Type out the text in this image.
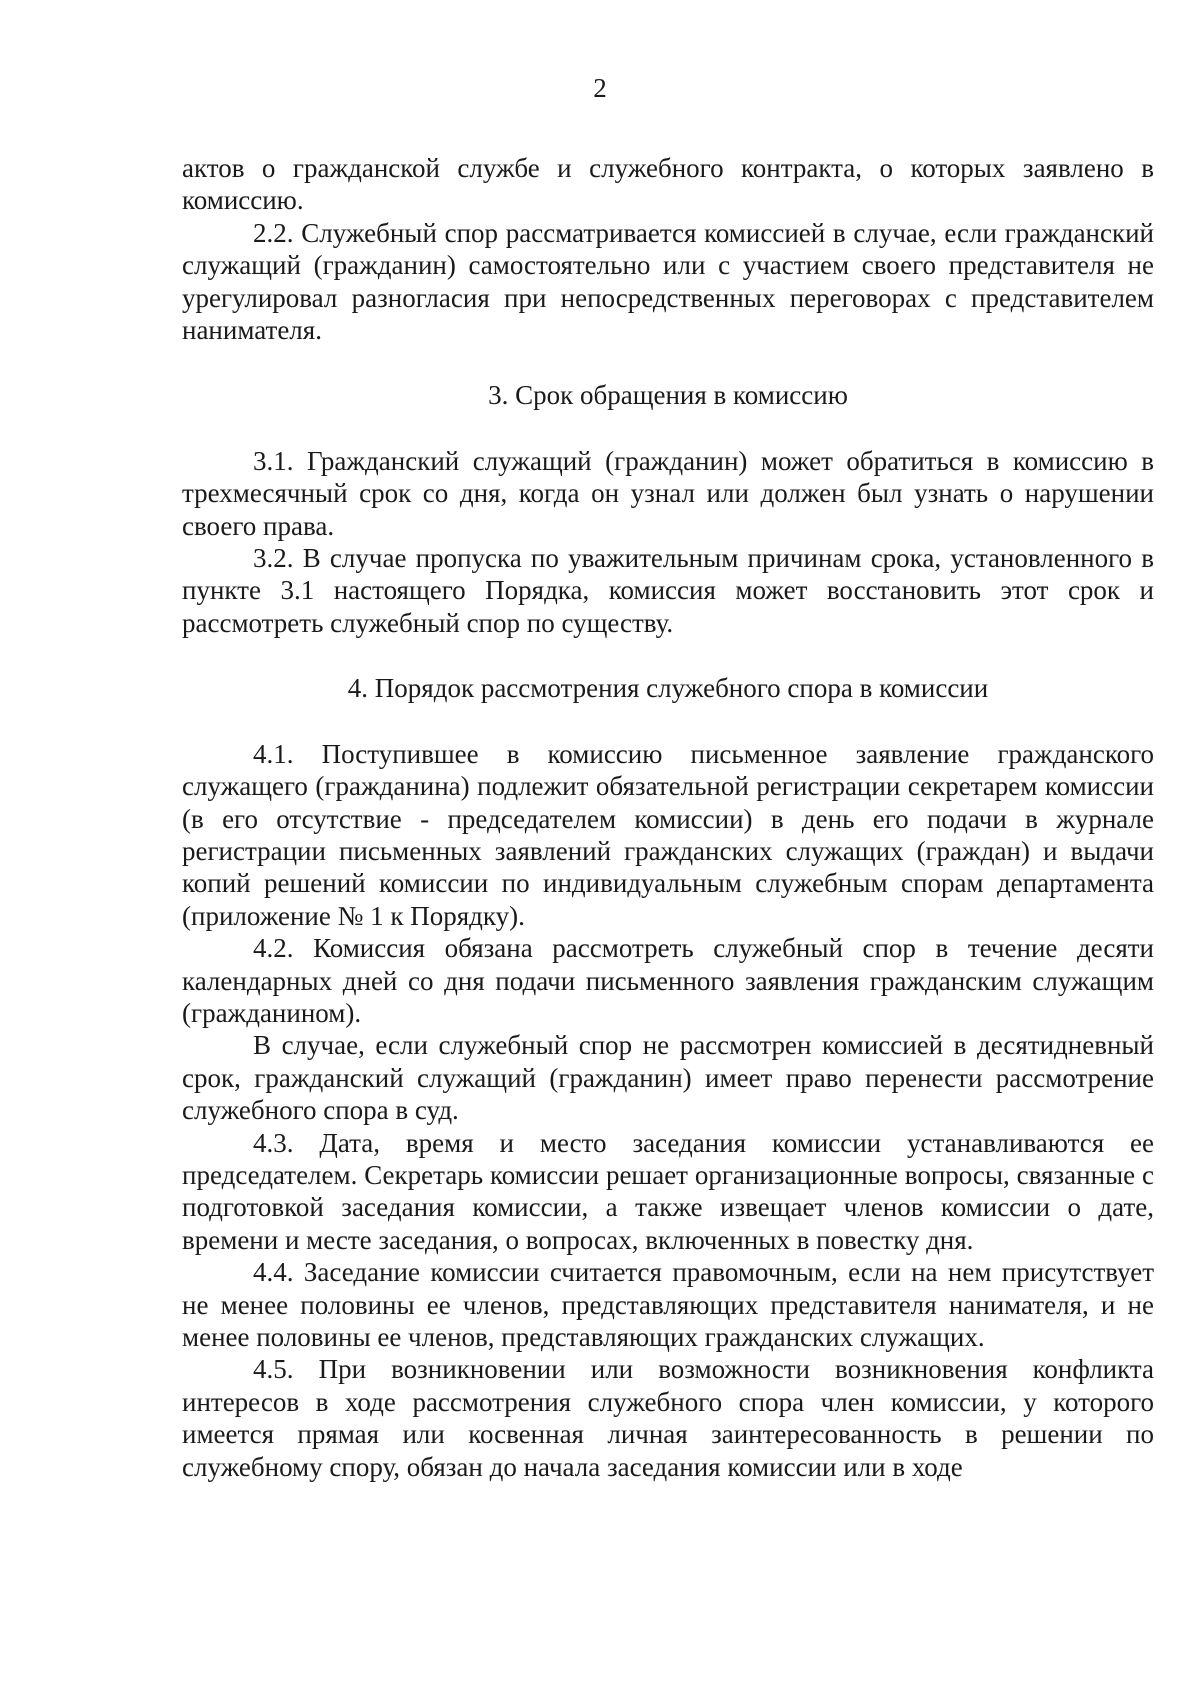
2

актов о гражданской службе и служебного контракта, о которых заявлено в комиссию.

2.2. Служебный спор рассматривается комиссией в случае, если гражданский служащий (гражданин) самостоятельно или с участием своего представителя не урегулировал разногласия при непосредственных переговорах с представителем нанимателя.

3. Срок обращения в комиссию

3.1. Гражданский служащий (гражданин) может обратиться в комиссию в трехмесячный срок со дня, когда он узнал или должен был узнать о нарушении своего права.

3.2. В случае пропуска по уважительным причинам срока, установленного в пункте 3.1 настоящего Порядка, комиссия может восстановить этот срок и рассмотреть служебный спор по существу.

4. Порядок рассмотрения служебного спора в комиссии

4.1. Поступившее в комиссию письменное заявление гражданского служащего (гражданина) подлежит обязательной регистрации секретарем комиссии (в его отсутствие - председателем комиссии) в день его подачи в журнале регистрации письменных заявлений гражданских служащих (граждан) и выдачи копий решений комиссии по индивидуальным служебным спорам департамента (приложение № 1 к Порядку).

4.2. Комиссия обязана рассмотреть служебный спор в течение десяти календарных дней со дня подачи письменного заявления гражданским служащим (гражданином).

В случае, если служебный спор не рассмотрен комиссией в десятидневный срок, гражданский служащий (гражданин) имеет право перенести рассмотрение служебного спора в суд.

4.3. Дата, время и место заседания комиссии устанавливаются ее председателем. Секретарь комиссии решает организационные вопросы, связанные с подготовкой заседания комиссии, а также извещает членов комиссии о дате, времени и месте заседания, о вопросах, включенных в повестку дня.

4.4. Заседание комиссии считается правомочным, если на нем присутствует не менее половины ее членов, представляющих представителя нанимателя, и не менее половины ее членов, представляющих гражданских служащих.

4.5. При возникновении или возможности возникновения конфликта интересов в ходе рассмотрения служебного спора член комиссии, у которого имеется прямая или косвенная личная заинтересованность в решении по служебному спору, обязан до начала заседания комиссии или в ходе
